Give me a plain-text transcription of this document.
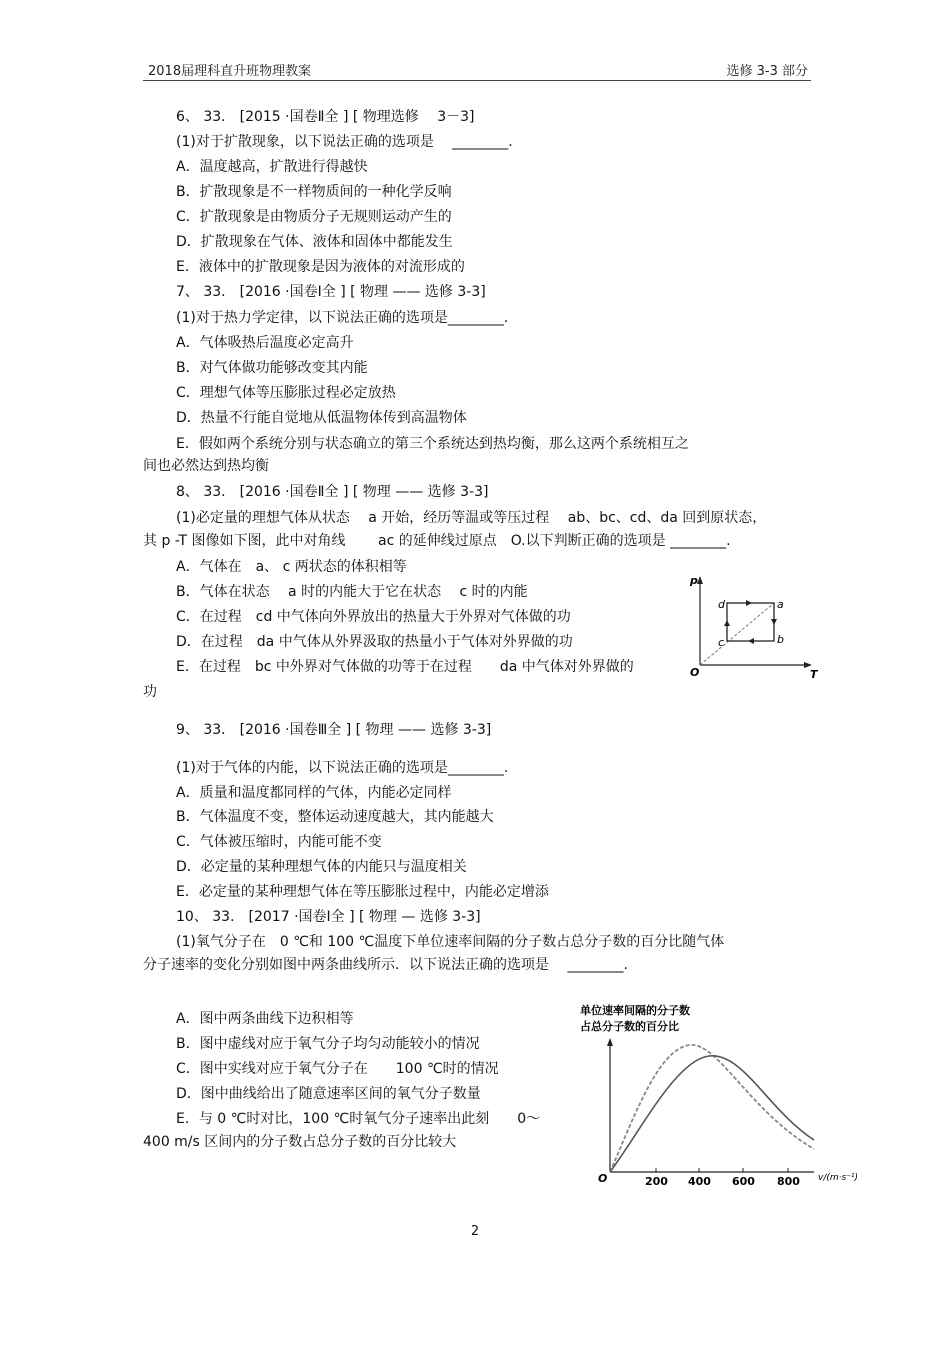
2018届理科直升班物理教案	选修 3-3 部分
6、 33． [2015 ·国卷Ⅱ全 ] [ 物理选修　 3－3]
(1)对于扩散现象，以下说法正确的选项是　 ________.
A．温度越高，扩散进行得越快
B．扩散现象是不一样物质间的一种化学反响
C．扩散现象是由物质分子无规则运动产生的
D．扩散现象在气体、液体和固体中都能发生
E．液体中的扩散现象是因为液体的对流形成的
7、 33． [2016 ·国卷Ⅰ全 ] [ 物理 —— 选修 3-3]
(1)对于热力学定律，以下说法正确的选项是________.
A．气体吸热后温度必定高升
B．对气体做功能够改变其内能
C．理想气体等压膨胀过程必定放热
D．热量不行能自觉地从低温物体传到高温物体
E．假如两个系统分别与状态确立的第三个系统达到热均衡，那么这两个系统相互之
间也必然达到热均衡
8、 33． [2016 ·国卷Ⅱ全 ] [ 物理 —— 选修 3-3]
(1)必定量的理想气体从状态　 a 开始，经历等温或等压过程　 ab、bc、cd、da 回到原状态，
其 p -T 图像如下图，此中对角线　　 ac 的延伸线过原点　O.以下判断正确的选项是 ________.
A．气体在　a、 c 两状态的体积相等
B．气体在状态　 a 时的内能大于它在状态　 c 时的内能
C．在过程　cd 中气体向外界放出的热量大于外界对气体做的功
D．在过程　da 中气体从外界汲取的热量小于气体对外界做的功
E．在过程　bc 中外界对气体做的功等于在过程　　da 中气体对外界做的
功
p
T
O
a
b
c
d
9、 33． [2016 ·国卷Ⅲ全 ] [ 物理 —— 选修 3-3]
(1)对于气体的内能，以下说法正确的选项是________.
A．质量和温度都同样的气体，内能必定同样
B．气体温度不变，整体运动速度越大，其内能越大
C．气体被压缩时，内能可能不变
D．必定量的某种理想气体的内能只与温度相关
E．必定量的某种理想气体在等压膨胀过程中，内能必定增添
10、 33． [2017 ·国卷Ⅰ全 ] [ 物理 — 选修 3-3]
(1)氧气分子在　0 ℃和 100 ℃温度下单位速率间隔的分子数占总分子数的百分比随气体
分子速率的变化分别如图中两条曲线所示．以下说法正确的选项是　 ________.
A．图中两条曲线下边积相等
B．图中虚线对应于氧气分子均匀动能较小的情况
C．图中实线对应于氧气分子在　　100 ℃时的情况
D．图中曲线给出了随意速率区间的氧气分子数量
E．与 0 ℃时对比，100 ℃时氧气分子速率出此刻　　0～
400 m/s 区间内的分子数占总分子数的百分比较大
单位速率间隔的分子数
占总分子数的百分比
O	200 400 600 800 v/(m·s⁻¹)
2
